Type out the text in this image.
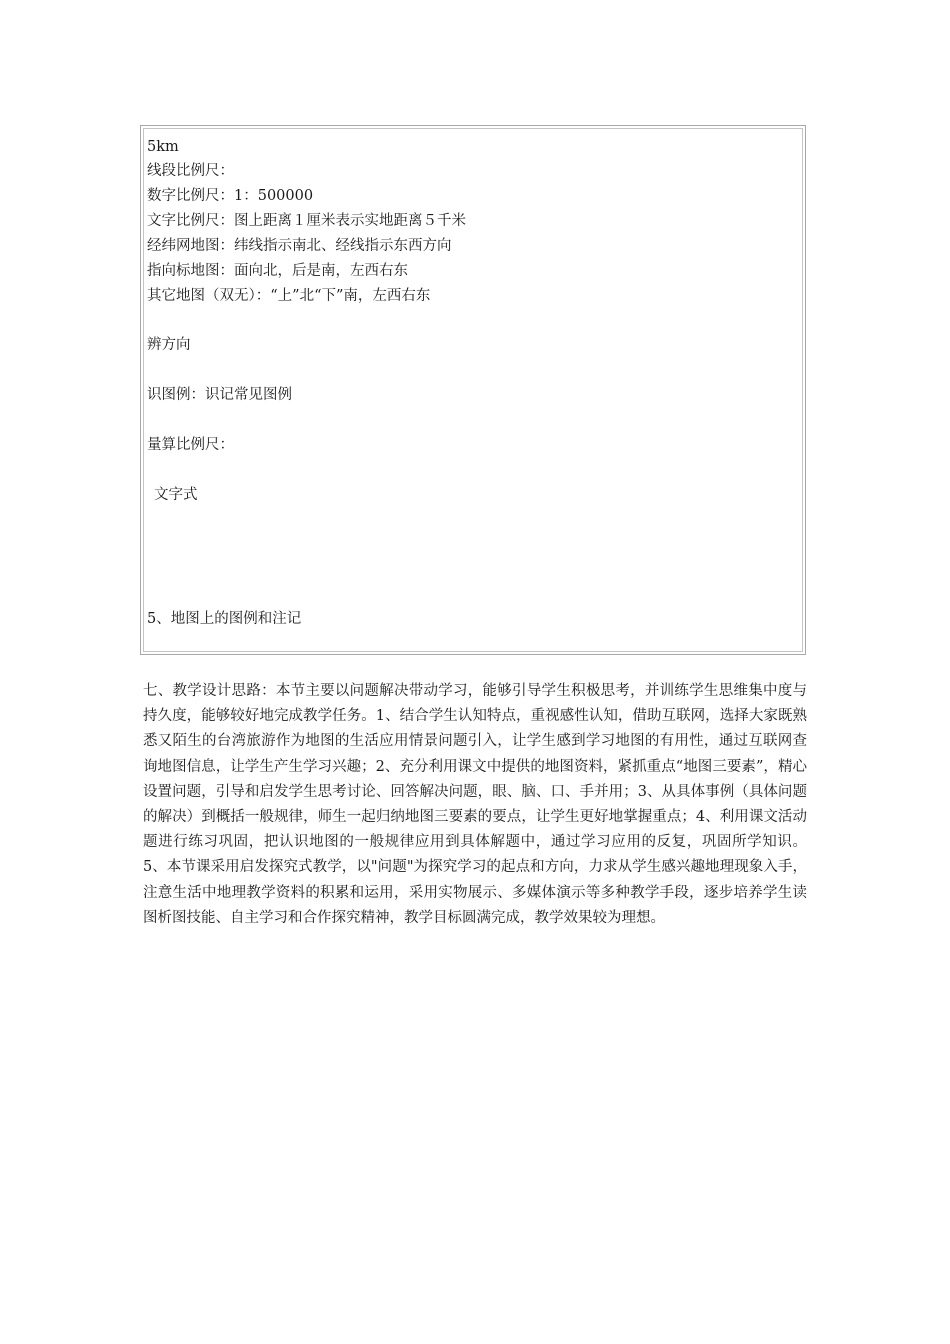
5km
线段比例尺：
数字比例尺：1：500000
文字比例尺：图上距离１厘米表示实地距离５千米
经纬网地图：纬线指示南北、经线指示东西方向
指向标地图：面向北，后是南，左西右东
其它地图（双无）：“上”北“下”南，左西右东
辨方向
识图例：识记常见图例
量算比例尺：
文字式
5、地图上的图例和注记

七、教学设计思路：本节主要以问题解决带动学习，能够引导学生积极思考，并训练学生思维集中度与持久度，能够较好地完成教学任务。1、结合学生认知特点，重视感性认知，借助互联网，选择大家既熟悉又陌生的台湾旅游作为地图的生活应用情景问题引入，让学生感到学习地图的有用性，通过互联网查询地图信息，让学生产生学习兴趣；2、充分利用课文中提供的地图资料，紧抓重点“地图三要素”，精心设置问题，引导和启发学生思考讨论、回答解决问题，眼、脑、口、手并用；3、从具体事例（具体问题的解决）到概括一般规律，师生一起归纳地图三要素的要点，让学生更好地掌握重点；4、利用课文活动题进行练习巩固，把认识地图的一般规律应用到具体解题中，通过学习应用的反复，巩固所学知识。 5、本节课采用启发探究式教学，以"问题"为探究学习的起点和方向，力求从学生感兴趣地理现象入手，注意生活中地理教学资料的积累和运用，采用实物展示、多媒体演示等多种教学手段，逐步培养学生读图析图技能、自主学习和合作探究精神，教学目标圆满完成，教学效果较为理想。
